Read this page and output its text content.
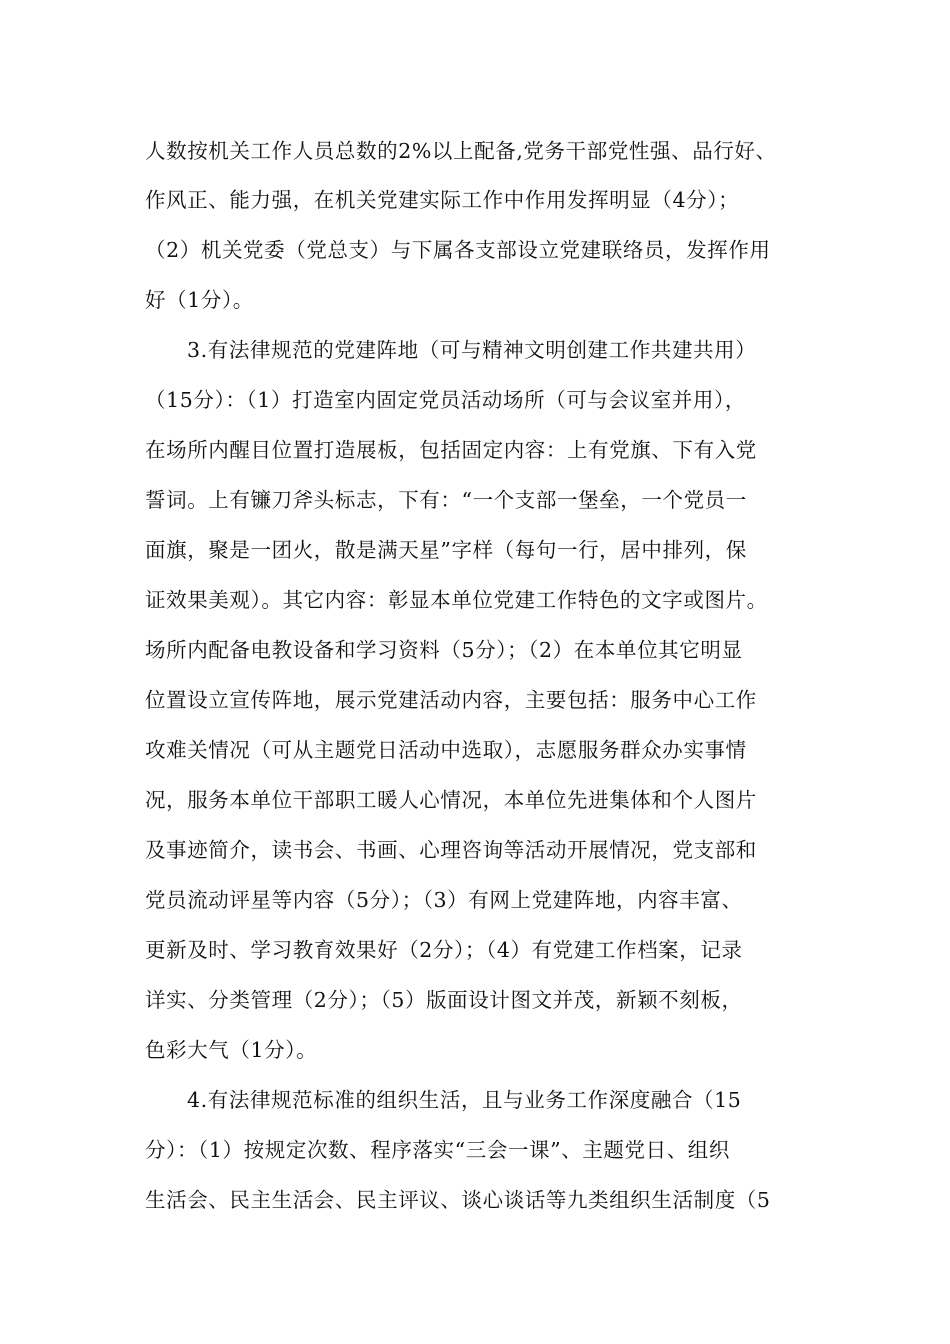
人数按机关工作人员总数的2%以上配备,党务干部党性强、品行好、
作风正、能力强，在机关党建实际工作中作用发挥明显（4分）；
（2）机关党委（党总支）与下属各支部设立党建联络员，发挥作用
好（1分）。
3.有法律规范的党建阵地（可与精神文明创建工作共建共用）
（15分）：（1）打造室内固定党员活动场所（可与会议室并用），
在场所内醒目位置打造展板，包括固定内容：上有党旗、下有入党
誓词。上有镰刀斧头标志，下有：“一个支部一堡垒，一个党员一
面旗，聚是一团火，散是满天星”字样（每句一行，居中排列，保
证效果美观）。其它内容：彰显本单位党建工作特色的文字或图片。
场所内配备电教设备和学习资料（5分）；（2）在本单位其它明显
位置设立宣传阵地，展示党建活动内容，主要包括：服务中心工作
攻难关情况（可从主题党日活动中选取），志愿服务群众办实事情
况，服务本单位干部职工暖人心情况，本单位先进集体和个人图片
及事迹简介，读书会、书画、心理咨询等活动开展情况，党支部和
党员流动评星等内容（5分）；（3）有网上党建阵地，内容丰富、
更新及时、学习教育效果好（2分）；（4）有党建工作档案，记录
详实、分类管理（2分）；（5）版面设计图文并茂，新颖不刻板，
色彩大气（1分）。
4.有法律规范标准的组织生活，且与业务工作深度融合（15
分）：（1）按规定次数、程序落实“三会一课”、主题党日、组织
生活会、民主生活会、民主评议、谈心谈话等九类组织生活制度（5
